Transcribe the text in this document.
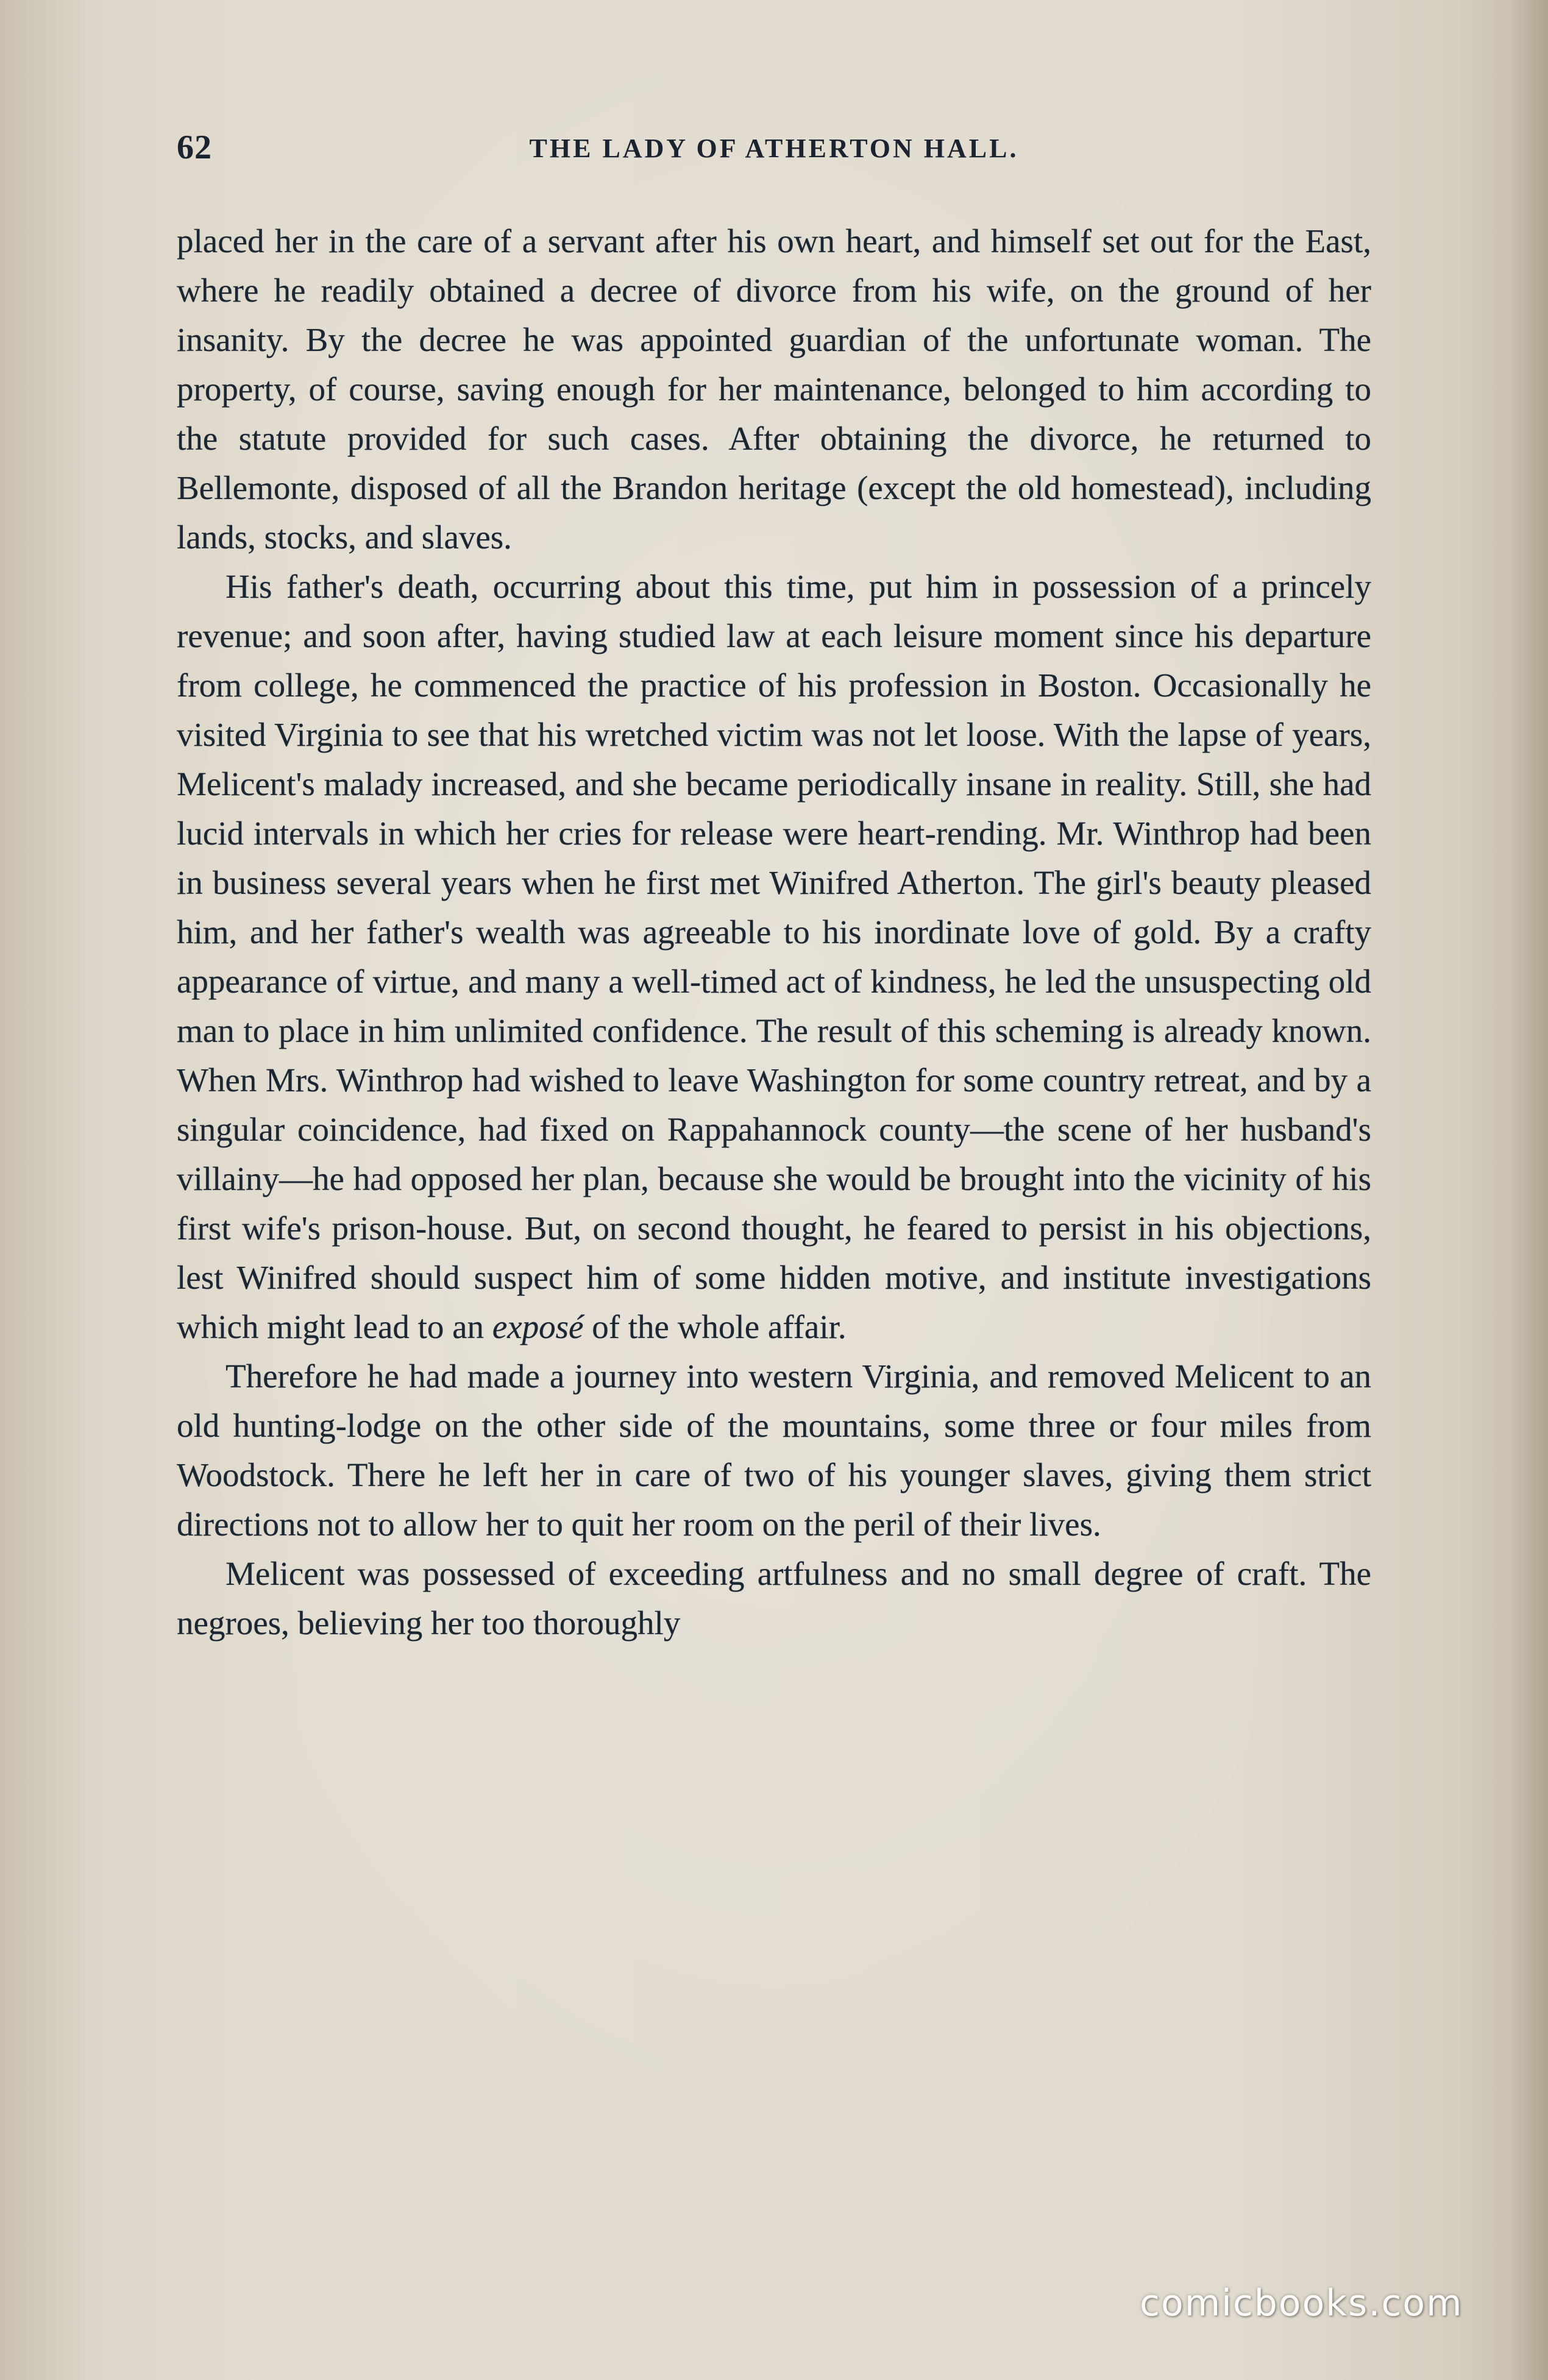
62	THE LADY OF ATHERTON HALL.

placed her in the care of a servant after his own heart, and himself set out for the East, where he readily obtained a decree of divorce from his wife, on the ground of her insanity. By the decree he was appointed guardian of the unfortunate woman. The property, of course, saving enough for her maintenance, belonged to him according to the statute provided for such cases. After obtaining the divorce, he returned to Bellemonte, disposed of all the Brandon heritage (except the old homestead), including lands, stocks, and slaves.

His father's death, occurring about this time, put him in possession of a princely revenue; and soon after, having studied law at each leisure moment since his departure from college, he commenced the practice of his profession in Boston. Occasionally he visited Virginia to see that his wretched victim was not let loose. With the lapse of years, Melicent's malady increased, and she became periodically insane in reality. Still, she had lucid intervals in which her cries for release were heart-rending. Mr. Winthrop had been in business several years when he first met Winifred Atherton. The girl's beauty pleased him, and her father's wealth was agreeable to his inordinate love of gold. By a crafty appearance of virtue, and many a well-timed act of kindness, he led the unsuspecting old man to place in him unlimited confidence. The result of this scheming is already known. When Mrs. Winthrop had wished to leave Washington for some country retreat, and by a singular coincidence, had fixed on Rappahannock county—the scene of her husband's villainy—he had opposed her plan, because she would be brought into the vicinity of his first wife's prison-house. But, on second thought, he feared to persist in his objections, lest Winifred should suspect him of some hidden motive, and institute investigations which might lead to an exposé of the whole affair.

Therefore he had made a journey into western Virginia, and removed Melicent to an old hunting-lodge on the other side of the mountains, some three or four miles from Woodstock. There he left her in care of two of his younger slaves, giving them strict directions not to allow her to quit her room on the peril of their lives.

Melicent was possessed of exceeding artfulness and no small degree of craft. The negroes, believing her too thoroughly

comicbooks.com
